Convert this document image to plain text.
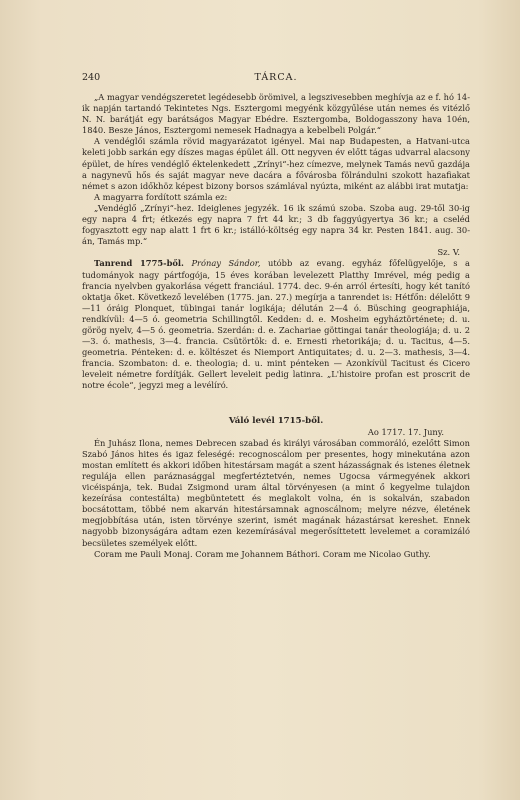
240	TÁRCA.

„A magyar vendégszeretet legédesebb örömivel, a legszivesebben meghívja az e f. hó 14-ik napján tartandó Tekintetes Ngs. Esztergomi megyénk közgyűlése után nemes és vitézlő N. N. barátját egy barátságos Magyar Ebédre. Esztergomba, Boldogasszony hava 10én, 1840. Besze János, Esztergomi nemesek Hadnagya a kebelbeli Polgár.“

A vendéglői számla rövid magyarázatot igényel. Mai nap Budapesten, a Hatvani-utca keleti jobb sarkán egy díszes magas épület áll. Ott negyven év előtt tágas udvarral alacsony épület, de híres vendéglő éktelenkedett „Zrínyi“-hez címezve, melynek Tamás nevű gazdája a nagynevű hős és saját magyar neve dacára a fővárosba fölrándulni szokott hazafiakat német s azon időkhöz képest bizony borsos számlával nyúzta, miként az alábbi irat mutatja:

A magyarra fordított számla ez:

„Vendéglő „Zrínyi“-hez. Ideiglenes jegyzék. 16 ik számú szoba. Szoba aug. 29-től 30-ig egy napra 4 frt; étkezés egy napra 7 frt 44 kr.; 3 db faggyúgyertya 36 kr.; a cseléd fogyasztott egy nap alatt 1 frt 6 kr.; istálló-költség egy napra 34 kr. Pesten 1841. aug. 30-án, Tamás mp.“

Sz. V.

Tanrend 1775-ből. Prónay Sándor, utóbb az evang. egyház főfelügyelője, s a tudományok nagy pártfogója, 15 éves korában levelezett Platthy Imrével, még pedig a francia nyelvben gyakorlása végett franciául. 1774. dec. 9-én arról értesíti, hogy két tanító oktatja őket. Következő levelében (1775. jan. 27.) megírja a tanrendet is: Hétfőn: délelőtt 9—11 óráig Plonquet, tübingai tanár logikája; délután 2—4 ó. Büsching geographiája, rendkívül: 4—5 ó. geometria Schillingtől. Kedden: d. e. Mosheim egyháztörténete; d. u. görög nyelv, 4—5 ó. geometria. Szerdán: d. e. Zachariae göttingai tanár theologiája; d. u. 2—3. ó. mathesis, 3—4. francia. Csütörtök: d. e. Ernesti rhetorikája; d. u. Tacitus, 4—5. geometria. Pénteken: d. e. költészet és Niemport Antiquitates; d. u. 2—3. mathesis, 3—4. francia. Szombaton: d. e. theologia; d. u. mint pénteken — Azonkívül Tacitust és Cicero leveleit németre fordítják. Gellert leveleit pedig latinra. „L'histoire profan est proscrit de notre école“, jegyzi meg a levélíró.

Váló levél 1715-ből.
Ao 1717. 17. Juny.

Én Juhász Ilona, nemes Debrecen szabad és királyi városában commoráló, ezelőtt Simon Szabó János hites és igaz feleségé: recognoscálom per presentes, hogy minekutána azon mostan említett és akkori időben hitestársam magát a szent házasságnak és istenes életnek regulája ellen paráznasággal megfertéztetvén, nemes Ugocsa vármegyének akkori vicéispánja, tek. Budai Zsigmond uram által törvényesen (a mint ő kegyelme tulajdon kezeírása contestálta) megbüntetett és meglakolt volna, én is sokalván, szabadon bocsátottam, többé nem akarván hitestársamnak agnoscálnom; melyre nézve, életének megjobbítása után, isten törvénye szerint, ismét magának házastársat kereshet. Ennek nagyobb bizonyságára adtam ezen kezemírásával megerősíttetett levelemet a coramizáló becsületes személyek előtt.

Coram me Pauli Monaj. Coram me Johannem Báthori. Coram me Nicolao Guthy.
